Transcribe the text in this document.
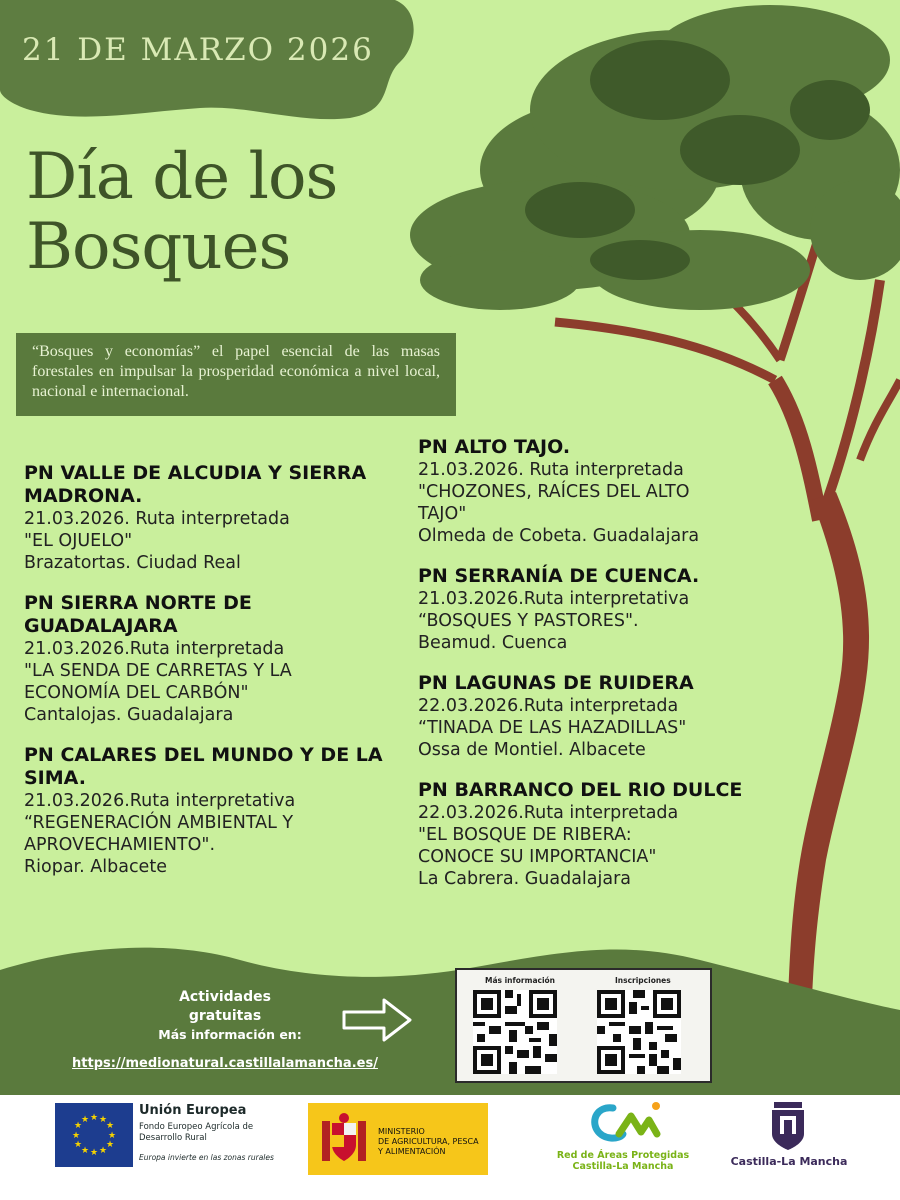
21 DE MARZO 2026
Día de los
Bosques
“Bosques y economías” el papel esencial de las masas forestales en impulsar la prosperidad económica a nivel local, nacional e internacional.
PN VALLE DE ALCUDIA Y SIERRA
MADRONA.
21.03.2026. Ruta interpretada
"EL OJUELO"
Brazatortas. Ciudad Real
PN SIERRA NORTE DE
GUADALAJARA
21.03.2026.Ruta interpretada
"LA SENDA DE CARRETAS Y LA
ECONOMÍA DEL CARBÓN"
Cantalojas. Guadalajara
PN CALARES DEL MUNDO Y DE LA
SIMA.
21.03.2026.Ruta interpretativa
“REGENERACIÓN AMBIENTAL Y
APROVECHAMIENTO".
Riopar. Albacete
PN ALTO TAJO.
21.03.2026. Ruta interpretada
"CHOZONES, RAÍCES DEL ALTO
TAJO"
Olmeda de Cobeta. Guadalajara
PN SERRANÍA DE CUENCA.
21.03.2026.Ruta interpretativa
“BOSQUES Y PASTORES".
Beamud. Cuenca
PN LAGUNAS DE RUIDERA
22.03.2026.Ruta interpretada
“TINADA DE LAS HAZADILLAS"
Ossa de Montiel. Albacete
PN BARRANCO DEL RIO DULCE
22.03.2026.Ruta interpretada
"EL BOSQUE DE RIBERA:
CONOCE SU IMPORTANCIA"
La Cabrera. Guadalajara
Actividades gratuitas
Más información en:
https://medionatural.castillalamancha.es/
Más información	Inscripciones
★ ★
★
★
★
★
★
★
★
★
★
★
Unión Europea
Fondo Europeo Agrícola de Desarrollo Rural
Europa invierte en las zonas rurales
MINISTERIO
DE AGRICULTURA, PESCA
Y ALIMENTACIÓN	Red de Áreas Protegidas
Castilla-La Mancha	Castilla-La Mancha
